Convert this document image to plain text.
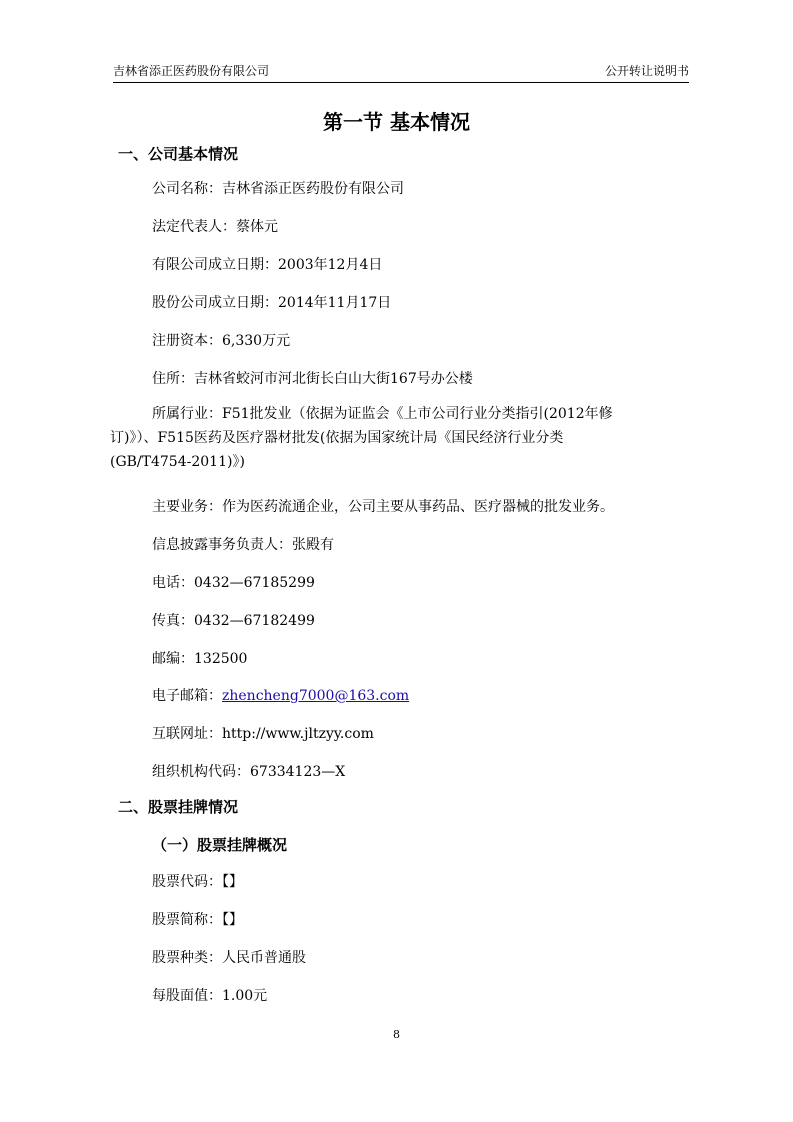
吉林省添正医药股份有限公司	公开转让说明书
第一节 基本情况
一、公司基本情况
公司名称：吉林省添正医药股份有限公司
法定代表人：蔡体元
有限公司成立日期：2003年12月4日
股份公司成立日期：2014年11月17日
注册资本：6,330万元
住所：吉林省蛟河市河北街长白山大街167号办公楼
所属行业：F51批发业（依据为证监会《上市公司行业分类指引(2012年修
订)》）、F515医药及医疗器材批发(依据为国家统计局《国民经济行业分类
(GB/T4754-2011)》)
主要业务：作为医药流通企业，公司主要从事药品、医疗器械的批发业务。
信息披露事务负责人：张殿有
电话：0432—67185299
传真：0432—67182499
邮编：132500
电子邮箱：zhencheng7000@163.com
互联网址：http://www.jltzyy.com
组织机构代码：67334123—X
二、股票挂牌情况
（一）股票挂牌概况
股票代码：【】
股票简称：【】
股票种类：人民币普通股
每股面值：1.00元
8
